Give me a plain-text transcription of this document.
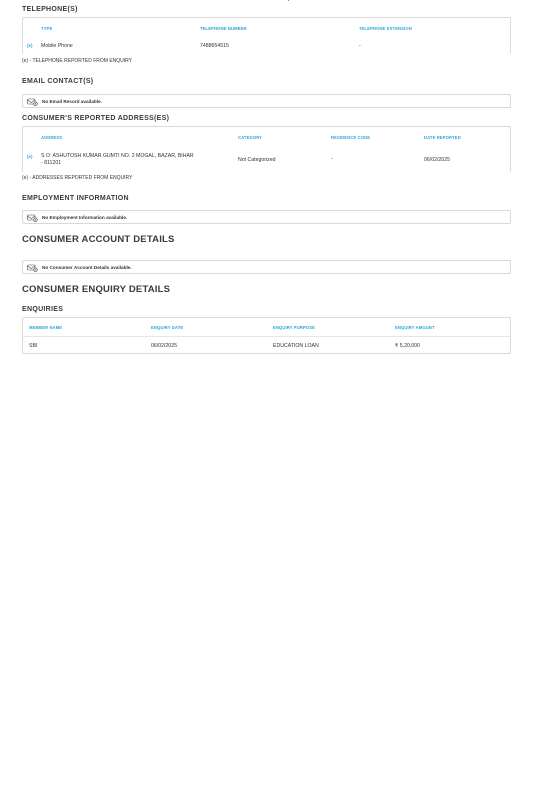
TELEPHONE(S)
TYPE	TELEPHONE NUMBER	TELEPHONE EXTENSION
(e) Mobile Phone	7488654515	-
(e) - TELEPHONE REPORTED FROM ENQUIRY
EMAIL CONTACT(S)
No Email Record available.
CONSUMER'S REPORTED ADDRESS(ES)
ADDRESS	CATEGORY	RESIDENCE CODE	DATE REPORTED
(e) S O: ASHUTOSH KUMAR GUMTI NO. 2 MOGAL, BAZAR, BIHAR
- 811201
Not Categorized	-	06/02/2025
(e) - ADDRESSES REPORTED FROM ENQUIRY
EMPLOYMENT INFORMATION
No Employment Information available.
CONSUMER ACCOUNT DETAILS
No Consumer Account Details available.
CONSUMER ENQUIRY DETAILS
ENQUIRIES
MEMBER NAME	ENQUIRY DATE	ENQUIRY PURPOSE	ENQUIRY AMOUNT
SBI	06/02/2025	EDUCATION LOAN	₹ 5,20,000
